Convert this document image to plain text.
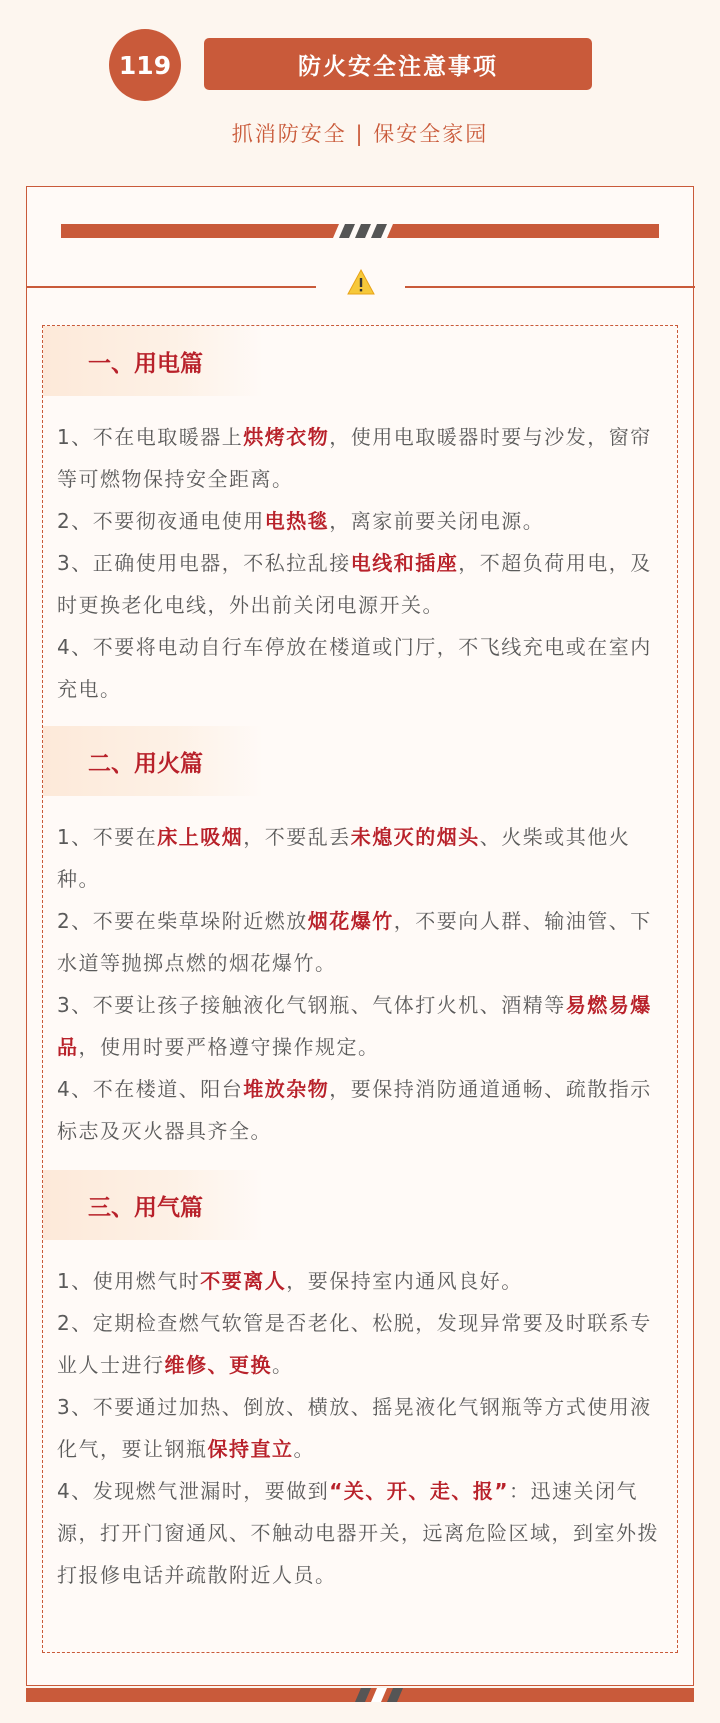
119	防火安全注意事项
抓消防安全 | 保安全家园
一、用电篇

1、不在电取暖器上烘烤衣物，使用电取暖器时要与沙发，窗帘等可燃物保持安全距离。

2、不要彻夜通电使用电热毯，离家前要关闭电源。

3、正确使用电器，不私拉乱接电线和插座，不超负荷用电，及时更换老化电线，外出前关闭电源开关。

4、不要将电动自行车停放在楼道或门厅，不飞线充电或在室内充电。

二、用火篇

1、不要在床上吸烟，不要乱丢未熄灭的烟头、火柴或其他火种。

2、不要在柴草垛附近燃放烟花爆竹，不要向人群、输油管、下水道等抛掷点燃的烟花爆竹。

3、不要让孩子接触液化气钢瓶、气体打火机、酒精等易燃易爆品，使用时要严格遵守操作规定。

4、不在楼道、阳台堆放杂物，要保持消防通道通畅、疏散指示标志及灭火器具齐全。

三、用气篇

1、使用燃气时不要离人，要保持室内通风良好。

2、定期检查燃气软管是否老化、松脱，发现异常要及时联系专业人士进行维修、更换。

3、不要通过加热、倒放、横放、摇晃液化气钢瓶等方式使用液化气，要让钢瓶保持直立。

4、发现燃气泄漏时，要做到“关、开、走、报”：迅速关闭气源，打开门窗通风、不触动电器开关，远离危险区域，到室外拨打报修电话并疏散附近人员。
